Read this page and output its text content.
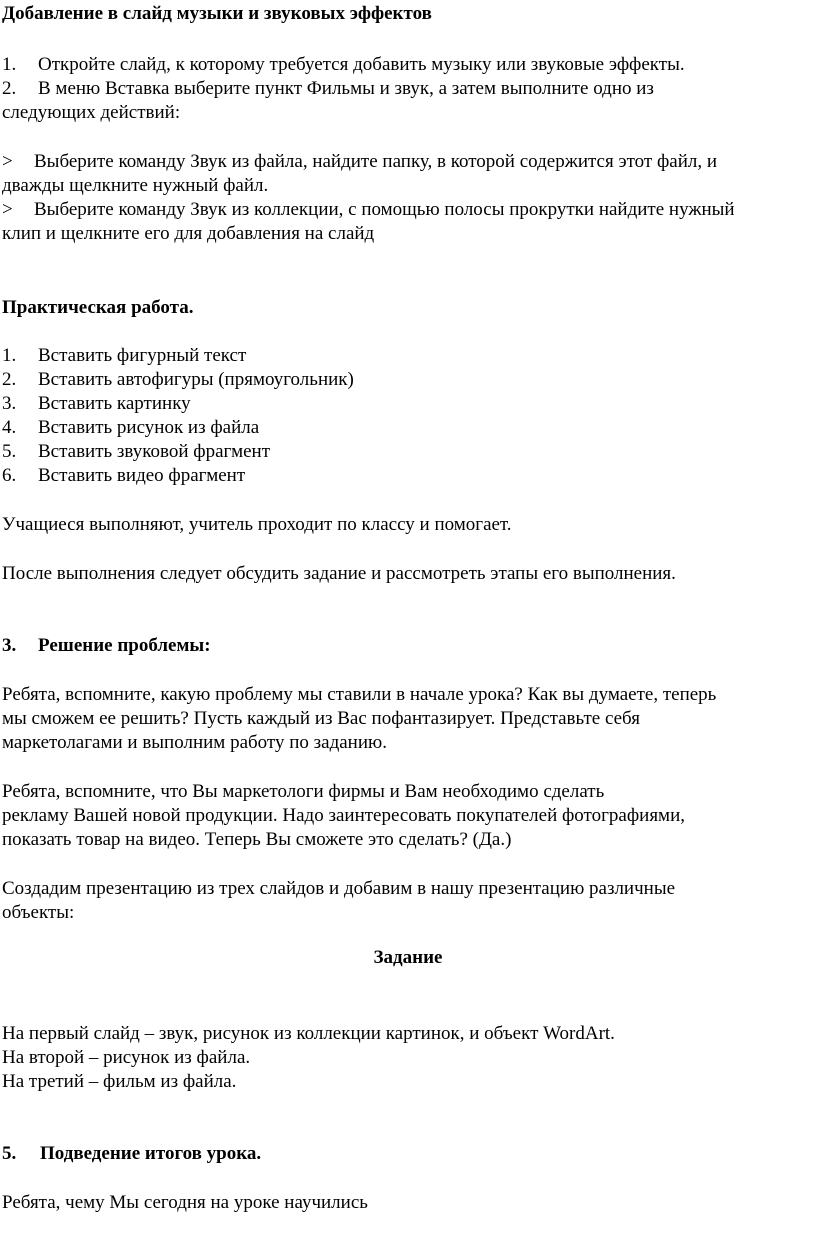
Добавление в слайд музыки и звуковых эффектов
1. Откройте слайд, к которому требуется добавить музыку или звуковые эффекты.
2. В меню Вставка выберите пункт Фильмы и звук, а затем выполните одно из
следующих действий:
> Выберите команду Звук из файла, найдите папку, в которой содержится этот файл, и
дважды щелкните нужный файл.
> Выберите команду Звук из коллекции, с помощью полосы прокрутки найдите нужный
клип и щелкните его для добавления на слайд
Практическая работа.
1. Вставить фигурный текст
2. Вставить автофигуры (прямоугольник)
3. Вставить картинку
4. Вставить рисунок из файла
5. Вставить звуковой фрагмент
6. Вставить видео фрагмент
Учащиеся выполняют, учитель проходит по классу и помогает.
После выполнения следует обсудить задание и рассмотреть этапы его выполнения.
3. Решение проблемы:
Ребята, вспомните, какую проблему мы ставили в начале урока? Как вы думаете, теперь
мы сможем ее решить? Пусть каждый из Вас пофантазирует. Представьте себя
маркетолагами и выполним работу по заданию.
Ребята, вспомните, что Вы маркетологи фирмы и Вам необходимо сделать
рекламу Вашей новой продукции. Надо заинтересовать покупателей фотографиями,
показать товар на видео. Теперь Вы сможете это сделать? (Да.)
Создадим презентацию из трех слайдов и добавим в нашу презентацию различные
объекты:
Задание
На первый слайд – звук, рисунок из коллекции картинок, и объект WordArt.
На второй – рисунок из файла.
На третий – фильм из файла.
5. Подведение итогов урока.
Ребята, чему Мы сегодня на уроке научились
